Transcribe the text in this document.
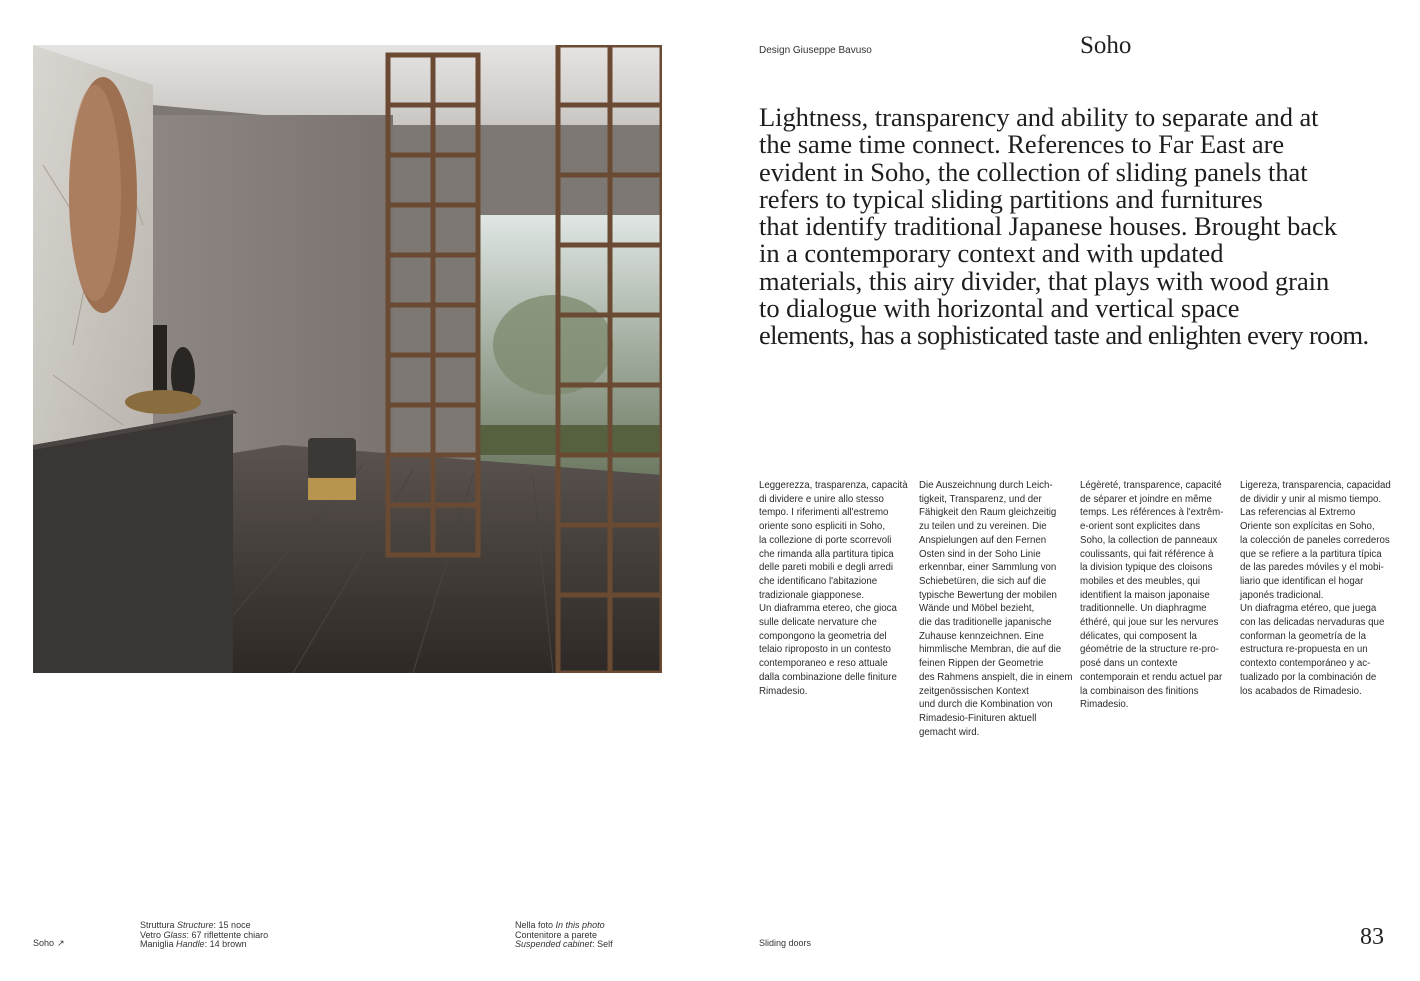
Design Giuseppe Bavuso	Soho
Lightness, transparency and ability to separate and at
the same time connect. References to Far East are
evident in Soho, the collection of sliding panels that
refers to typical sliding partitions and furnitures
that identify traditional Japanese houses. Brought back
in a contemporary context and with updated
materials, this airy divider, that plays with wood grain
to dialogue with horizontal and vertical space
elements, has a sophisticated taste and enlighten every room.
Leggerezza, trasparenza, capacità
di dividere e unire allo stesso
tempo. I riferimenti all'estremo
oriente sono espliciti in Soho,
la collezione di porte scorrevoli
che rimanda alla partitura tipica
delle pareti mobili e degli arredi
che identificano l'abitazione
tradizionale giapponese.
Un diaframma etereo, che gioca
sulle delicate nervature che
compongono la geometria del
telaio riproposto in un contesto
contemporaneo e reso attuale
dalla combinazione delle finiture
Rimadesio.
Die Auszeichnung durch Leich-
tigkeit, Transparenz, und der
Fähigkeit den Raum gleichzeitig
zu teilen und zu vereinen. Die
Anspielungen auf den Fernen
Osten sind in der Soho Linie
erkennbar, einer Sammlung von
Schiebetüren, die sich auf die
typische Bewertung der mobilen
Wände und Möbel bezieht,
die das traditionelle japanische
Zuhause kennzeichnen. Eine
himmlische Membran, die auf die
feinen Rippen der Geometrie
des Rahmens anspielt, die in einem
zeitgenössischen Kontext
und durch die Kombination von
Rimadesio-Finituren aktuell
gemacht wird.
Légèreté, transparence, capacité
de séparer et joindre en même
temps. Les références à l'extrêm-
e-orient sont explicites dans
Soho, la collection de panneaux
coulissants, qui fait référence à
la division typique des cloisons
mobiles et des meubles, qui
identifient la maison japonaise
traditionnelle. Un diaphragme
éthéré, qui joue sur les nervures
délicates, qui composent la
géométrie de la structure re-pro-
posé dans un contexte
contemporain et rendu actuel par
la combinaison des finitions
Rimadesio.
Ligereza, transparencia, capacidad
de dividir y unir al mismo tiempo.
Las referencias al Extremo
Oriente son explícitas en Soho,
la colección de paneles correderos
que se refiere a la partitura típica
de las paredes móviles y el mobi-
liario que identifican el hogar
japonés tradicional.
Un diafragma etéreo, que juega
con las delicadas nervaduras que
conforman la geometría de la
estructura re-propuesta en un
contexto contemporáneo y ac-
tualizado por la combinación de
los acabados de Rimadesio.
Soho ↗
Struttura Structure: 15 noce
Vetro Glass: 67 riflettente chiaro
Maniglia Handle: 14 brown
Nella foto In this photo
Contenitore a parete
Suspended cabinet: Self	Sliding doors	83
